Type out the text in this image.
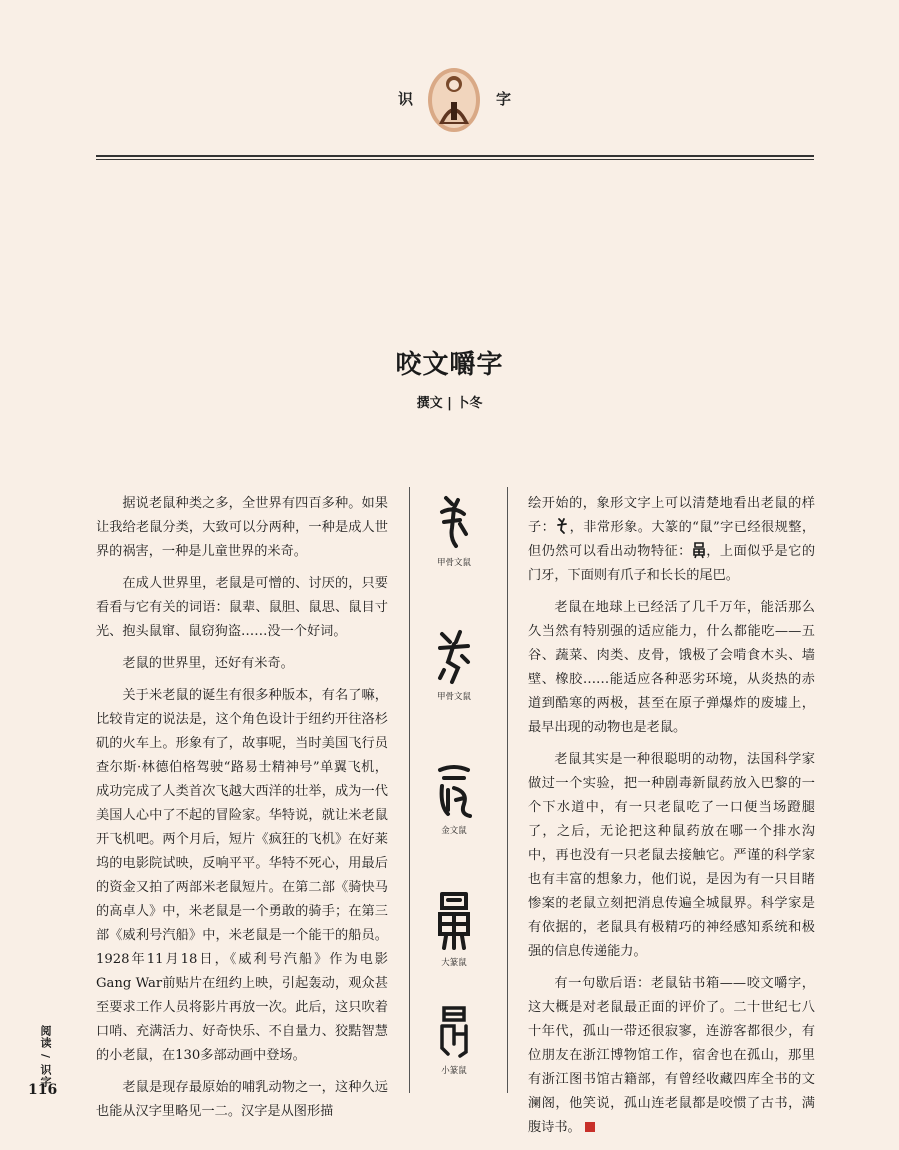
识	字
咬文嚼字
撰文 | 卜冬

据说老鼠种类之多，全世界有四百多种。如果让我给老鼠分类，大致可以分两种，一种是成人世界的祸害，一种是儿童世界的米奇。

在成人世界里，老鼠是可憎的、讨厌的，只要看看与它有关的词语：鼠辈、鼠胆、鼠思、鼠目寸光、抱头鼠窜、鼠窃狗盗……没一个好词。

老鼠的世界里，还好有米奇。

关于米老鼠的诞生有很多种版本，有名了嘛，比较肯定的说法是，这个角色设计于纽约开往洛杉矶的火车上。形象有了，故事呢，当时美国飞行员查尔斯·林德伯格驾驶“路易士精神号”单翼飞机，成功完成了人类首次飞越大西洋的壮举，成为一代美国人心中了不起的冒险家。华特说，就让米老鼠开飞机吧。两个月后，短片《疯狂的飞机》在好莱坞的电影院试映，反响平平。华特不死心，用最后的资金又拍了两部米老鼠短片。在第二部《骑快马的高卓人》中，米老鼠是一个勇敢的骑手；在第三部《威利号汽船》中，米老鼠是一个能干的船员。1928年11月18日，《威利号汽船》作为电影Gang War前贴片在纽约上映，引起轰动，观众甚至要求工作人员将影片再放一次。此后，这只吹着口哨、充满活力、好奇快乐、不自量力、狡黠智慧的小老鼠，在130多部动画中登场。

老鼠是现存最原始的哺乳动物之一，这种久远也能从汉字里略见一二。汉字是从图形描

甲骨文鼠
甲骨文鼠
金文鼠
大篆鼠
小篆鼠

绘开始的，象形文字上可以清楚地看出老鼠的样子： ，非常形象。大篆的“鼠”字已经很规整，但仍然可以看出动物特征： ，上面似乎是它的门牙，下面则有爪子和长长的尾巴。

老鼠在地球上已经活了几千万年，能活那么久当然有特别强的适应能力，什么都能吃——五谷、蔬菜、肉类、皮骨，饿极了会啃食木头、墙壁、橡胶……能适应各种恶劣环境，从炎热的赤道到酷寒的两极，甚至在原子弹爆炸的废墟上，最早出现的动物也是老鼠。

老鼠其实是一种很聪明的动物，法国科学家做过一个实验，把一种剧毒新鼠药放入巴黎的一个下水道中，有一只老鼠吃了一口便当场蹬腿了，之后，无论把这种鼠药放在哪一个排水沟中，再也没有一只老鼠去接触它。严谨的科学家也有丰富的想象力，他们说，是因为有一只目睹惨案的老鼠立刻把消息传遍全城鼠界。科学家是有依据的，老鼠具有极精巧的神经感知系统和极强的信息传递能力。

有一句歇后语：老鼠钻书箱——咬文嚼字，这大概是对老鼠最正面的评价了。二十世纪七八十年代，孤山一带还很寂寥，连游客都很少，有位朋友在浙江博物馆工作，宿舍也在孤山，那里有浙江图书馆古籍部，有曾经收藏四库全书的文澜阁，他笑说，孤山连老鼠都是咬惯了古书，满腹诗书。

阅读 / 识字
116
